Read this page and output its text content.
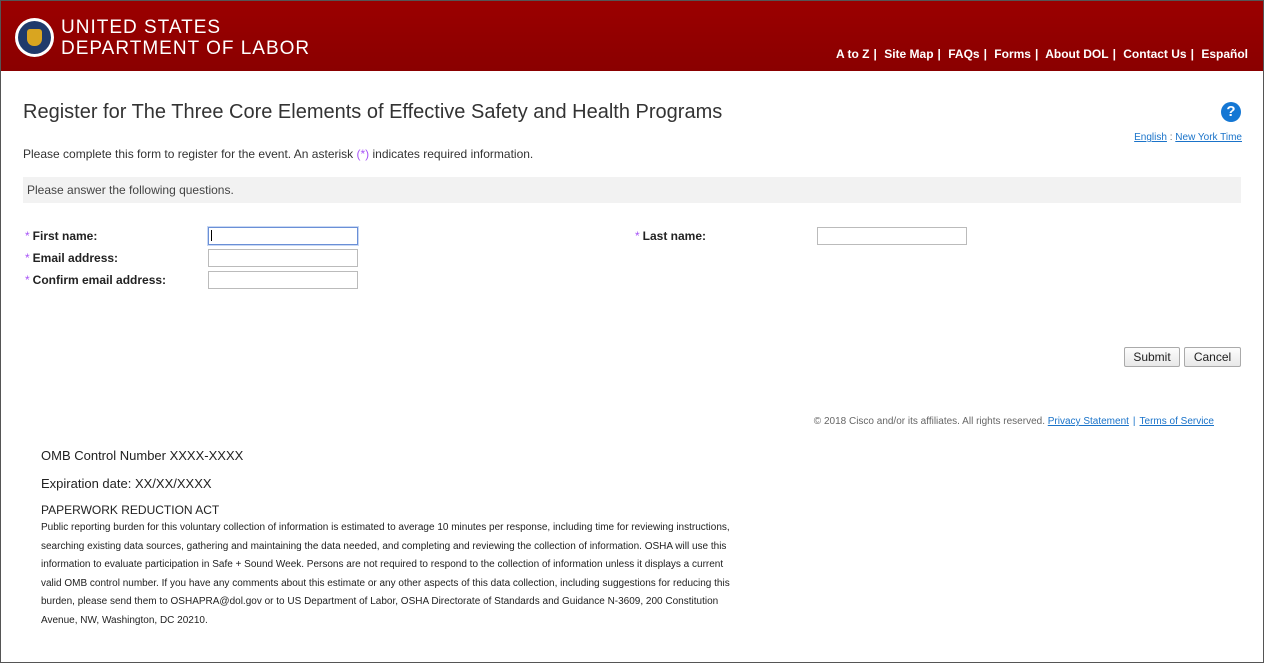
UNITED STATES
DEPARTMENT OF LABOR	A to Z | Site Map | FAQs | Forms | About DOL | Contact Us | Español
Register for The Three Core Elements of Effective Safety and Health Programs	?
English : New York Time
Please complete this form to register for the event. An asterisk (*) indicates required information.
Please answer the following questions.
* First name:	* Last name:
* Email address:
* Confirm email address:
Submit	Cancel
© 2018 Cisco and/or its affiliates. All rights reserved. Privacy Statement | Terms of Service
OMB Control Number XXXX-XXXX
Expiration date: XX/XX/XXXX
PAPERWORK REDUCTION ACT
Public reporting burden for this voluntary collection of information is estimated to average 10 minutes per response, including time for reviewing instructions,
searching existing data sources, gathering and maintaining the data needed, and completing and reviewing the collection of information. OSHA will use this
information to evaluate participation in Safe + Sound Week. Persons are not required to respond to the collection of information unless it displays a current
valid OMB control number. If you have any comments about this estimate or any other aspects of this data collection, including suggestions for reducing this
burden, please send them to OSHAPRA@dol.gov or to US Department of Labor, OSHA Directorate of Standards and Guidance N-3609, 200 Constitution
Avenue, NW, Washington, DC 20210.
